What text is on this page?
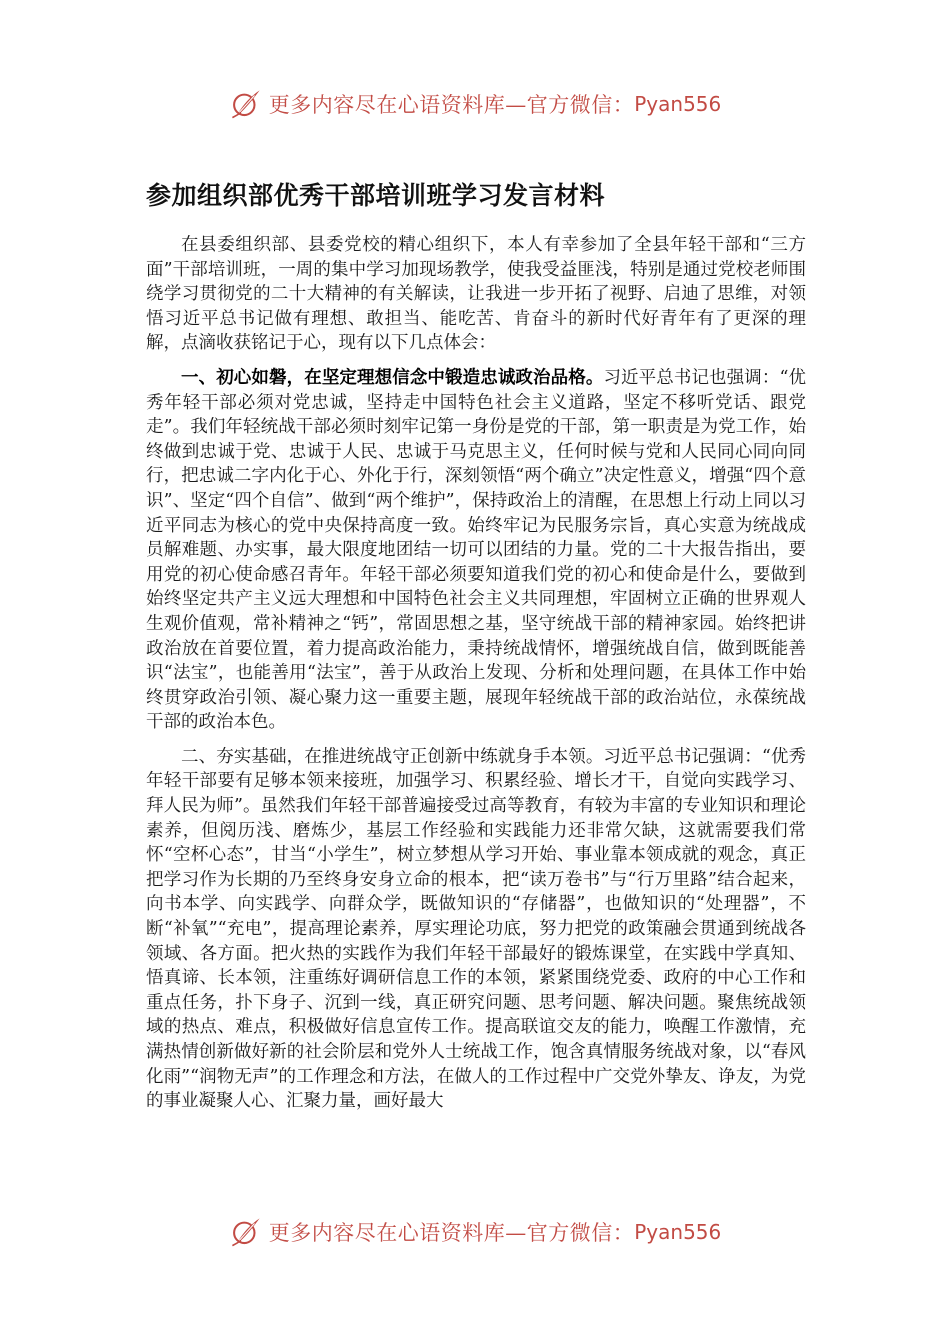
更多内容尽在心语资料库—官方微信： Pyan556
参加组织部优秀干部培训班学习发言材料

在县委组织部、县委党校的精心组织下，本人有幸参加了全县年轻干部和“三方面”干部培训班，一周的集中学习加现场教学，使我受益匪浅，特别是通过党校老师围绕学习贯彻党的二十大精神的有关解读，让我进一步开拓了视野、启迪了思维，对领悟习近平总书记做有理想、敢担当、能吃苦、肯奋斗的新时代好青年有了更深的理解，点滴收获铭记于心，现有以下几点体会：

一、初心如磐，在坚定理想信念中锻造忠诚政治品格。习近平总书记也强调：“优秀年轻干部必须对党忠诚，坚持走中国特色社会主义道路，坚定不移听党话、跟党走”。我们年轻统战干部必须时刻牢记第一身份是党的干部，第一职责是为党工作，始终做到忠诚于党、忠诚于人民、忠诚于马克思主义，任何时候与党和人民同心同向同行，把忠诚二字内化于心、外化于行，深刻领悟“两个确立”决定性意义，增强“四个意识”、坚定“四个自信”、做到“两个维护”，保持政治上的清醒，在思想上行动上同以习近平同志为核心的党中央保持高度一致。始终牢记为民服务宗旨，真心实意为统战成员解难题、办实事，最大限度地团结一切可以团结的力量。党的二十大报告指出，要用党的初心使命感召青年。年轻干部必须要知道我们党的初心和使命是什么，要做到始终坚定共产主义远大理想和中国特色社会主义共同理想，牢固树立正确的世界观人生观价值观，常补精神之“钙”，常固思想之基，坚守统战干部的精神家园。始终把讲政治放在首要位置，着力提高政治能力，秉持统战情怀，增强统战自信，做到既能善识“法宝”，也能善用“法宝”，善于从政治上发现、分析和处理问题，在具体工作中始终贯穿政治引领、凝心聚力这一重要主题，展现年轻统战干部的政治站位，永葆统战干部的政治本色。

二、夯实基础，在推进统战守正创新中练就身手本领。习近平总书记强调：“优秀年轻干部要有足够本领来接班，加强学习、积累经验、增长才干，自觉向实践学习、拜人民为师”。虽然我们年轻干部普遍接受过高等教育，有较为丰富的专业知识和理论素养，但阅历浅、磨炼少，基层工作经验和实践能力还非常欠缺，这就需要我们常怀“空杯心态”，甘当“小学生”，树立梦想从学习开始、事业靠本领成就的观念，真正把学习作为长期的乃至终身安身立命的根本，把“读万卷书”与“行万里路”结合起来，向书本学、向实践学、向群众学，既做知识的“存储器”，也做知识的“处理器”，不断“补氧”“充电”，提高理论素养，厚实理论功底，努力把党的政策融会贯通到统战各领域、各方面。把火热的实践作为我们年轻干部最好的锻炼课堂，在实践中学真知、悟真谛、长本领，注重练好调研信息工作的本领，紧紧围绕党委、政府的中心工作和重点任务，扑下身子、沉到一线，真正研究问题、思考问题、解决问题。聚焦统战领域的热点、难点，积极做好信息宣传工作。提高联谊交友的能力，唤醒工作激情，充满热情创新做好新的社会阶层和党外人士统战工作，饱含真情服务统战对象，以“春风化雨”“润物无声”的工作理念和方法，在做人的工作过程中广交党外挚友、诤友，为党的事业凝聚人心、汇聚力量，画好最大

更多内容尽在心语资料库—官方微信： Pyan556
